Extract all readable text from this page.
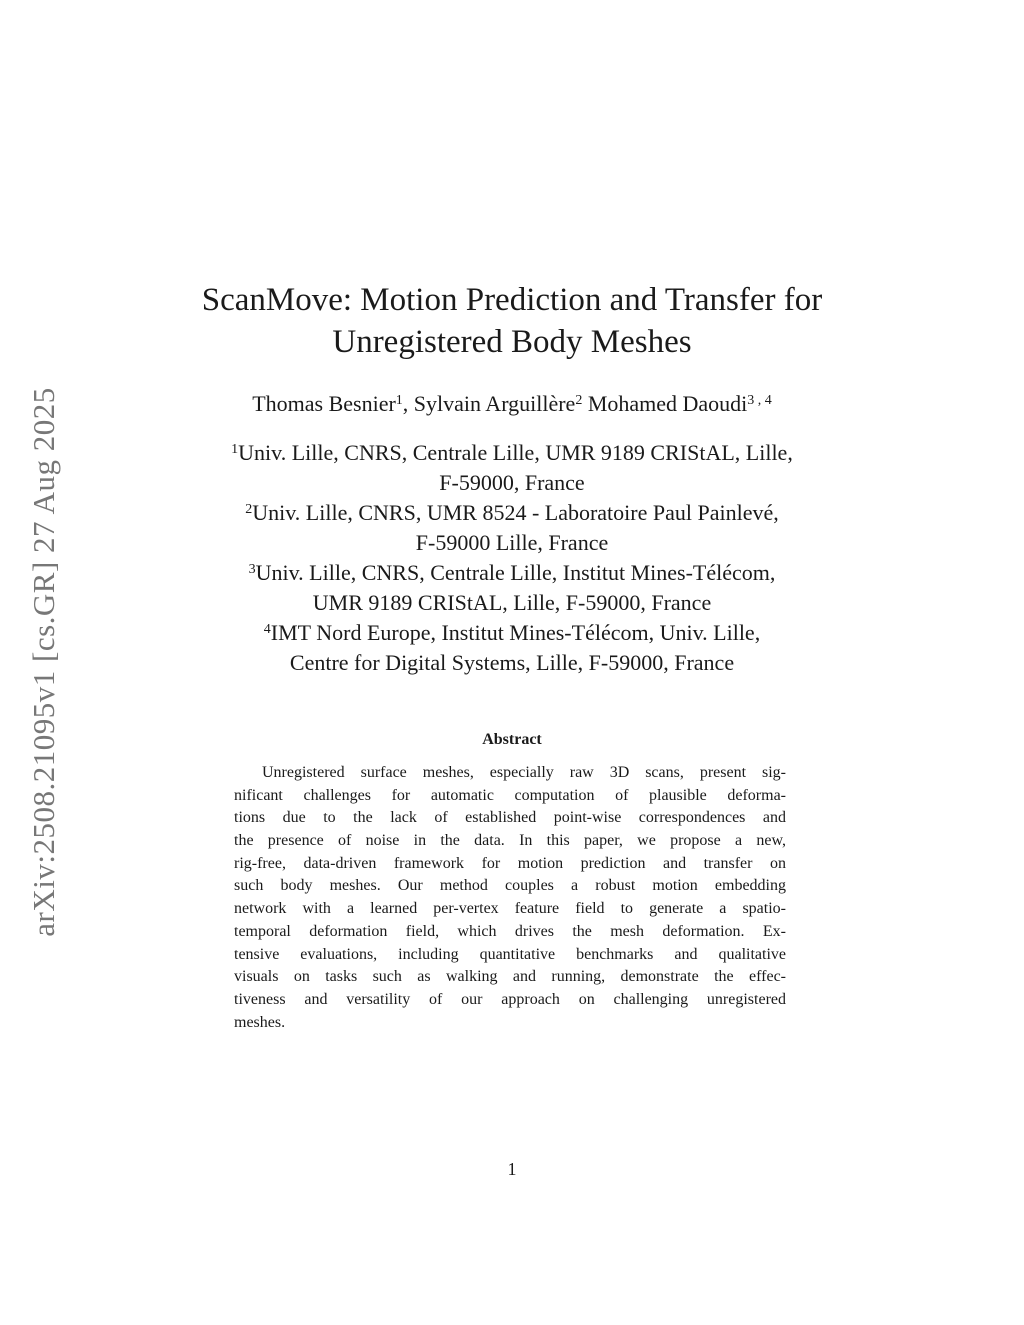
arXiv:2508.21095v1 [cs.GR] 27 Aug 2025
ScanMove: Motion Prediction and Transfer for
Unregistered Body Meshes
Thomas Besnier$^1$, Sylvain Arguillère$^2$ Mohamed Daoudi$^{3 , 4}$
$^1$Univ. Lille, CNRS, Centrale Lille, UMR 9189 CRIStAL, Lille,
F-59000, France
$^2$Univ. Lille, CNRS, UMR 8524 - Laboratoire Paul Painlevé,
F-59000 Lille, France
$^3$Univ. Lille, CNRS, Centrale Lille, Institut Mines-Télécom,
UMR 9189 CRIStAL, Lille, F-59000, France
$^4$IMT Nord Europe, Institut Mines-Télécom, Univ. Lille,
Centre for Digital Systems, Lille, F-59000, France
Abstract
Unregistered surface meshes, especially raw 3D scans, present sig-
nificant challenges for automatic computation of plausible deforma-
tions due to the lack of established point-wise correspondences and
the presence of noise in the data. In this paper, we propose a new,
rig-free, data-driven framework for motion prediction and transfer on
such body meshes. Our method couples a robust motion embedding
network with a learned per-vertex feature field to generate a spatio-
temporal deformation field, which drives the mesh deformation. Ex-
tensive evaluations, including quantitative benchmarks and qualitative
visuals on tasks such as walking and running, demonstrate the effec-
tiveness and versatility of our approach on challenging unregistered
meshes.
1
